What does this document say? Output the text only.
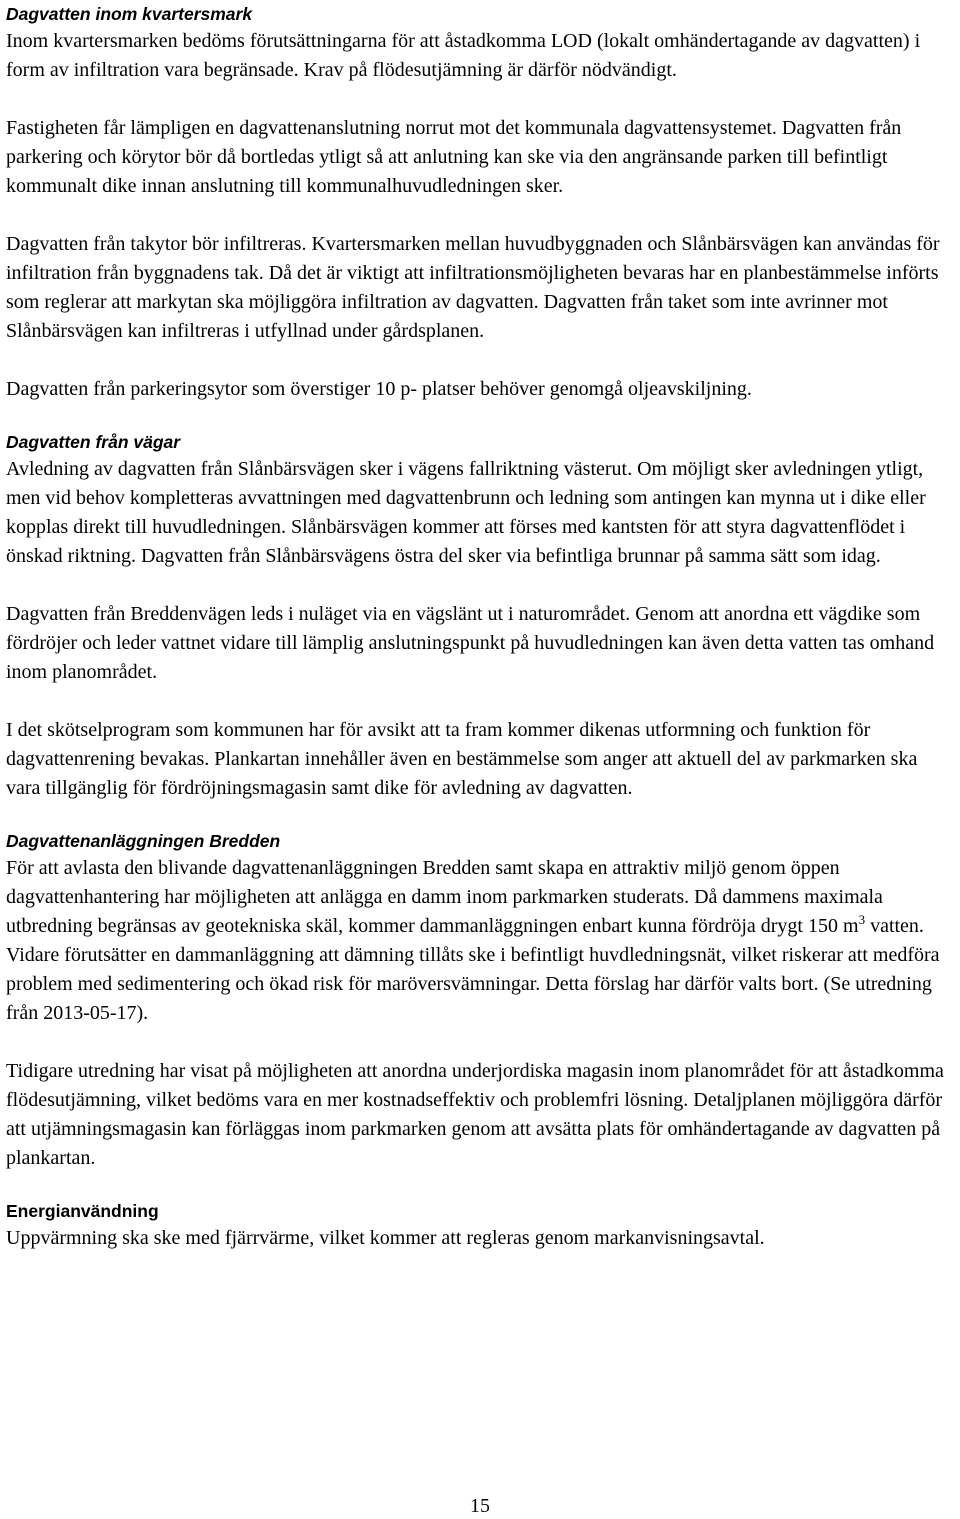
Dagvatten inom kvartersmark

Inom kvartersmarken bedöms förutsättningarna för att åstadkomma LOD (lokalt omhändertagande av dagvatten) i form av infiltration vara begränsade. Krav på flödesutjämning är därför nödvändigt.

Fastigheten får lämpligen en dagvattenanslutning norrut mot det kommunala dagvattensystemet. Dagvatten från parkering och körytor bör då bortledas ytligt så att anlutning kan ske via den angränsande parken till befintligt kommunalt dike innan anslutning till kommunalhuvudledningen sker.

Dagvatten från takytor bör infiltreras. Kvartersmarken mellan huvudbyggnaden och Slånbärsvägen kan användas för infiltration från byggnadens tak. Då det är viktigt att infiltrationsmöjligheten bevaras har en planbestämmelse införts som reglerar att markytan ska möjliggöra infiltration av dagvatten. Dagvatten från taket som inte avrinner mot Slånbärsvägen kan infiltreras i utfyllnad under gårdsplanen.

Dagvatten från parkeringsytor som överstiger 10 p- platser behöver genomgå oljeavskiljning.

Dagvatten från vägar

Avledning av dagvatten från Slånbärsvägen sker i vägens fallriktning västerut. Om möjligt sker avledningen ytligt, men vid behov kompletteras avvattningen med dagvattenbrunn och ledning som antingen kan mynna ut i dike eller kopplas direkt till huvudledningen. Slånbärsvägen kommer att förses med kantsten för att styra dagvattenflödet i önskad riktning. Dagvatten från Slånbärsvägens östra del sker via befintliga brunnar på samma sätt som idag.

Dagvatten från Breddenvägen leds i nuläget via en vägslänt ut i naturområdet. Genom att anordna ett vägdike som fördröjer och leder vattnet vidare till lämplig anslutningspunkt på huvudledningen kan även detta vatten tas omhand inom planområdet.

I det skötselprogram som kommunen har för avsikt att ta fram kommer dikenas utformning och funktion för dagvattenrening bevakas. Plankartan innehåller även en bestämmelse som anger att aktuell del av parkmarken ska vara tillgänglig för fördröjningsmagasin samt dike för avledning av dagvatten.

Dagvattenanläggningen Bredden

För att avlasta den blivande dagvattenanläggningen Bredden samt skapa en attraktiv miljö genom öppen dagvattenhantering har möjligheten att anlägga en damm inom parkmarken studerats. Då dammens maximala utbredning begränsas av geotekniska skäl, kommer dammanläggningen enbart kunna fördröja drygt 150 $m^3$ vatten. Vidare förutsätter en dammanläggning att dämning tillåts ske i befintligt huvdledningsnät, vilket riskerar att medföra problem med sedimentering och ökad risk för maröversvämningar. Detta förslag har därför valts bort. (Se utredning från 2013-05-17).

Tidigare utredning har visat på möjligheten att anordna underjordiska magasin inom planområdet för att åstadkomma flödesutjämning, vilket bedöms vara en mer kostnadseffektiv och problemfri lösning. Detaljplanen möjliggöra därför att utjämningsmagasin kan förläggas inom parkmarken genom att avsätta plats för omhändertagande av dagvatten på plankartan.

Energianvändning

Uppvärmning ska ske med fjärrvärme, vilket kommer att regleras genom markanvisningsavtal.

15
